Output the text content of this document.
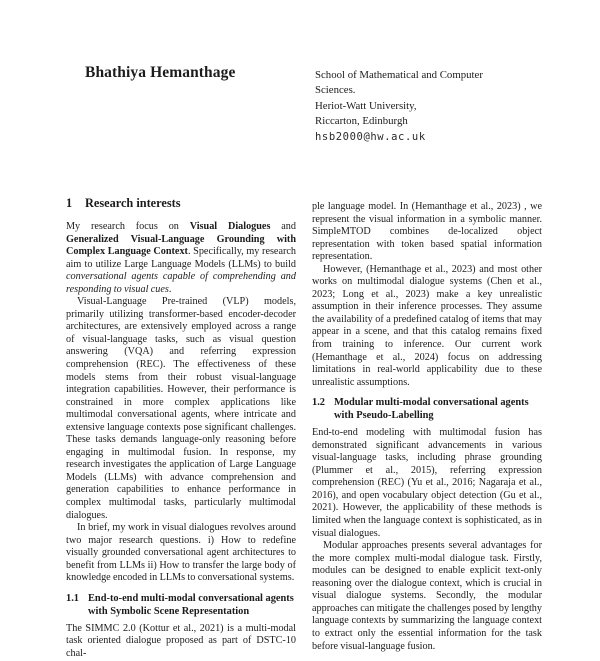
Bhathiya Hemanthage	School of Mathematical and Computer
Sciences.
Heriot-Watt University,
Riccarton, Edinburgh
hsb2000@hw.ac.uk
1	Research interests

My research focus on Visual Dialogues and Generalized Visual-Language Grounding with Complex Language Context. Specifically, my research aim to utilize Large Language Models (LLMs) to build conversational agents capable of comprehending and responding to visual cues.

Visual-Language Pre-trained (VLP) models, primarily utilizing transformer-based encoder-decoder architectures, are extensively employed across a range of visual-language tasks, such as visual question answering (VQA) and referring expression comprehension (REC). The effectiveness of these models stems from their robust visual-language integration capabilities. However, their performance is constrained in more complex applications like multimodal conversational agents, where intricate and extensive language contexts pose significant challenges. These tasks demands language-only reasoning before engaging in multimodal fusion. In response, my research investigates the application of Large Language Models (LLMs) with advance comprehension and generation capabilities to enhance performance in complex multimodal tasks, particularly multimodal dialogues.

In brief, my work in visual dialogues revolves around two major research questions. i) How to redefine visually grounded conversational agent architectures to benefit from LLMs ii) How to transfer the large body of knowledge encoded in LLMs to conversational systems.

1.1 End-to-end multi-modal conversational agents with Symbolic Scene Representation

The SIMMC 2.0 (Kottur et al., 2021) is a multi-modal task oriented dialogue proposed as part of DSTC-10 chal-

ple language model. In (Hemanthage et al., 2023) , we represent the visual information in a symbolic manner. SimpleMTOD combines de-localized object representation with token based spatial information representation.

However, (Hemanthage et al., 2023) and most other works on multimodal dialogue systems (Chen et al., 2023; Long et al., 2023) make a key unrealistic assumption in their inference processes. They assume the availability of a predefined catalog of items that may appear in a scene, and that this catalog remains fixed from training to inference. Our current work (Hemanthage et al., 2024) focus on addressing limitations in real-world applicability due to these unrealistic assumptions.

1.2 Modular multi-modal conversational agents with Pseudo-Labelling

End-to-end modeling with multimodal fusion has demonstrated significant advancements in various visual-language tasks, including phrase grounding (Plummer et al., 2015), referring expression comprehension (REC) (Yu et al., 2016; Nagaraja et al., 2016), and open vocabulary object detection (Gu et al., 2021). However, the applicability of these methods is limited when the language context is sophisticated, as in visual dialogues.

Modular approaches presents several advantages for the more complex multi-modal dialogue task. Firstly, modules can be designed to enable explicit text-only reasoning over the dialogue context, which is crucial in visual dialogue systems. Secondly, the modular approaches can mitigate the challenges posed by lengthy language contexts by summarizing the language context to extract only the essential information for the task before visual-language fusion.
